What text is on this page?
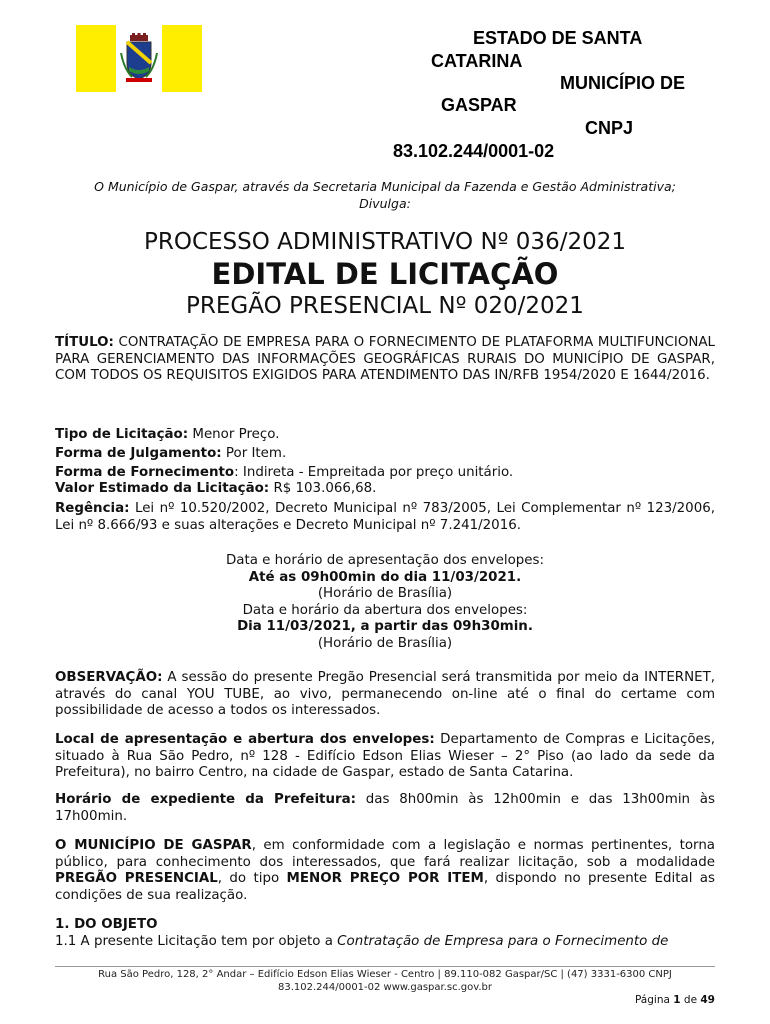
ESTADO DE SANTA
CATARINA
MUNICÍPIO DE
GASPAR
CNPJ
83.102.244/0001-02
O Município de Gaspar, através da Secretaria Municipal da Fazenda e Gestão Administrativa; Divulga:
PROCESSO ADMINISTRATIVO Nº 036/2021
EDITAL DE LICITAÇÃO
PREGÃO PRESENCIAL Nº 020/2021
TÍTULO: CONTRATAÇÃO DE EMPRESA PARA O FORNECIMENTO DE PLATAFORMA MULTIFUNCIONAL PARA GERENCIAMENTO DAS INFORMAÇÕES GEOGRÁFICAS RURAIS DO MUNICÍPIO DE GASPAR, COM TODOS OS REQUISITOS EXIGIDOS PARA ATENDIMENTO DAS IN/RFB 1954/2020 E 1644/2016.
Tipo de Licitação: Menor Preço.
Forma de Julgamento: Por Item.
Forma de Fornecimento: Indireta - Empreitada por preço unitário.
Valor Estimado da Licitação: R$ 103.066,68.
Regência: Lei nº 10.520/2002, Decreto Municipal nº 783/2005, Lei Complementar nº 123/2006, Lei nº 8.666/93 e suas alterações e Decreto Municipal nº 7.241/2016.
Data e horário de apresentação dos envelopes:
Até as 09h00min do dia 11/03/2021.
(Horário de Brasília)
Data e horário da abertura dos envelopes:
Dia 11/03/2021, a partir das 09h30min.
(Horário de Brasília)
OBSERVAÇÃO: A sessão do presente Pregão Presencial será transmitida por meio da INTERNET, através do canal YOU TUBE, ao vivo, permanecendo on-line até o final do certame com possibilidade de acesso a todos os interessados.
Local de apresentação e abertura dos envelopes: Departamento de Compras e Licitações, situado à Rua São Pedro, nº 128 - Edifício Edson Elias Wieser – 2° Piso (ao lado da sede da Prefeitura), no bairro Centro, na cidade de Gaspar, estado de Santa Catarina.
Horário de expediente da Prefeitura: das 8h00min às 12h00min e das 13h00min às 17h00min.
O MUNICÍPIO DE GASPAR, em conformidade com a legislação e normas pertinentes, torna público, para conhecimento dos interessados, que fará realizar licitação, sob a modalidade PREGÃO PRESENCIAL, do tipo MENOR PREÇO POR ITEM, dispondo no presente Edital as condições de sua realização.
1. DO OBJETO
1.1 A presente Licitação tem por objeto a Contratação de Empresa para o Fornecimento de
Rua São Pedro, 128, 2° Andar – Edifício Edson Elias Wieser - Centro | 89.110-082 Gaspar/SC | (47) 3331-6300 CNPJ
83.102.244/0001-02 www.gaspar.sc.gov.br
Página 1 de 49
